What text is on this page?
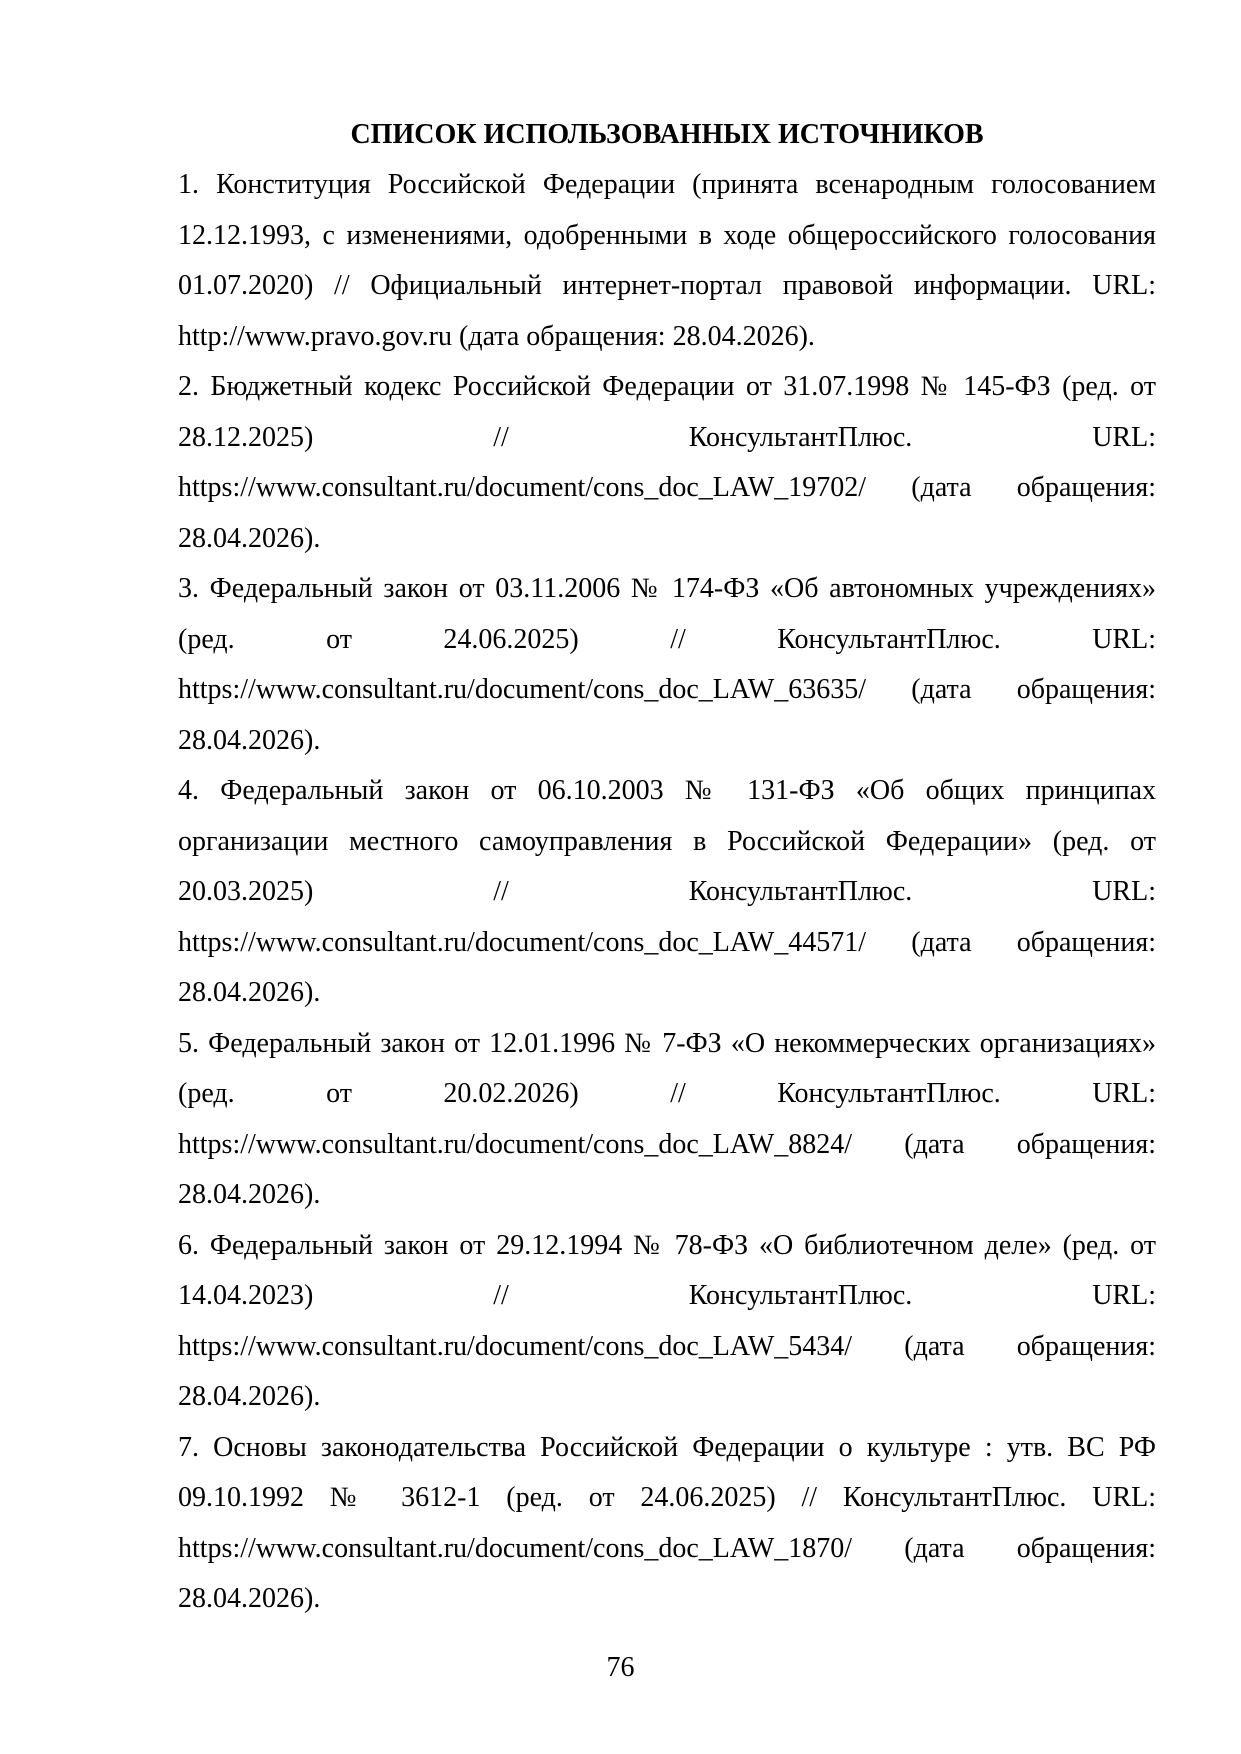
СПИСОК ИСПОЛЬЗОВАННЫХ ИСТОЧНИКОВ
1. Конституция Российской Федерации (принята всенародным голосованием 12.12.1993, с изменениями, одобренными в ходе общероссийского голосования 01.07.2020) // Официальный интернет-портал правовой информации. URL: http://www.pravo.gov.ru (дата обращения: 28.04.2026).
2. Бюджетный кодекс Российской Федерации от 31.07.1998 № 145-ФЗ (ред. от 28.12.2025) // КонсультантПлюс. URL: https://www.consultant.ru/document/cons_doc_LAW_19702/ (дата обращения: 28.04.2026).
3. Федеральный закон от 03.11.2006 № 174-ФЗ «Об автономных учреждениях» (ред. от 24.06.2025) // КонсультантПлюс. URL: https://www.consultant.ru/document/cons_doc_LAW_63635/ (дата обращения: 28.04.2026).
4. Федеральный закон от 06.10.2003 № 131-ФЗ «Об общих принципах организации местного самоуправления в Российской Федерации» (ред. от 20.03.2025) // КонсультантПлюс. URL: https://www.consultant.ru/document/cons_doc_LAW_44571/ (дата обращения: 28.04.2026).
5. Федеральный закон от 12.01.1996 № 7-ФЗ «О некоммерческих организациях» (ред. от 20.02.2026) // КонсультантПлюс. URL: https://www.consultant.ru/document/cons_doc_LAW_8824/ (дата обращения: 28.04.2026).
6. Федеральный закон от 29.12.1994 № 78-ФЗ «О библиотечном деле» (ред. от 14.04.2023) // КонсультантПлюс. URL: https://www.consultant.ru/document/cons_doc_LAW_5434/ (дата обращения: 28.04.2026).
7. Основы законодательства Российской Федерации о культуре : утв. ВС РФ 09.10.1992 № 3612-1 (ред. от 24.06.2025) // КонсультантПлюс. URL: https://www.consultant.ru/document/cons_doc_LAW_1870/ (дата обращения: 28.04.2026).
76
